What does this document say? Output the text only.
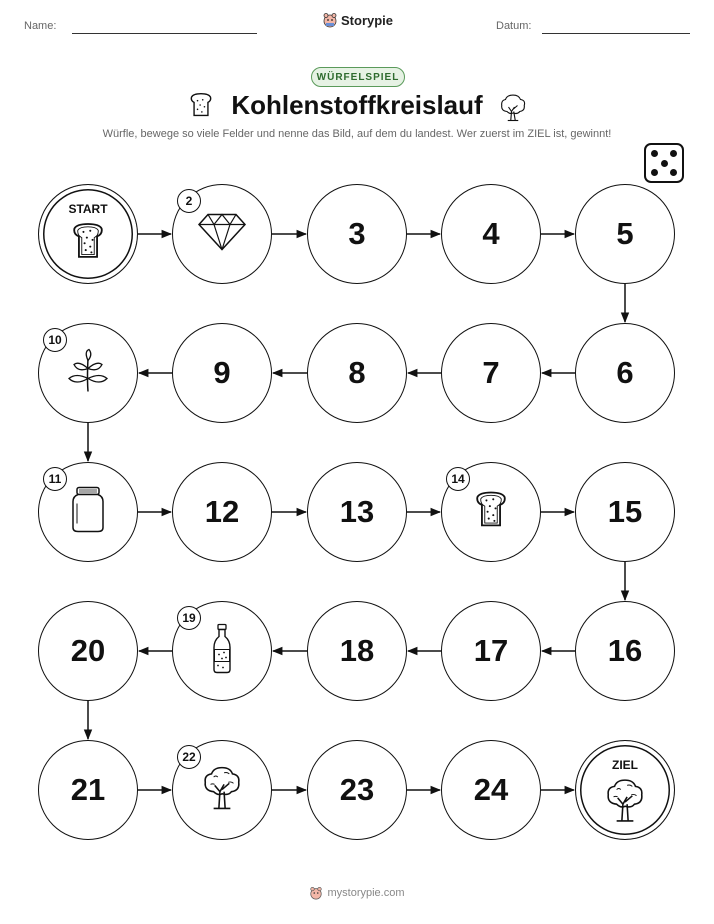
Name:	Storypie	Datum:
WÜRFELSPIEL
Kohlenstoffkreislauf
Würfle, bewege so viele Felder und nenne das Bild, auf dem du landest. Wer zuerst im ZIEL ist, gewinnt!
START
2
3	4	5
6
7
8
9
10
11
12	13
14
15
16
17
18
19
20
21
22
23	24
ZIEL
mystorypie.com
